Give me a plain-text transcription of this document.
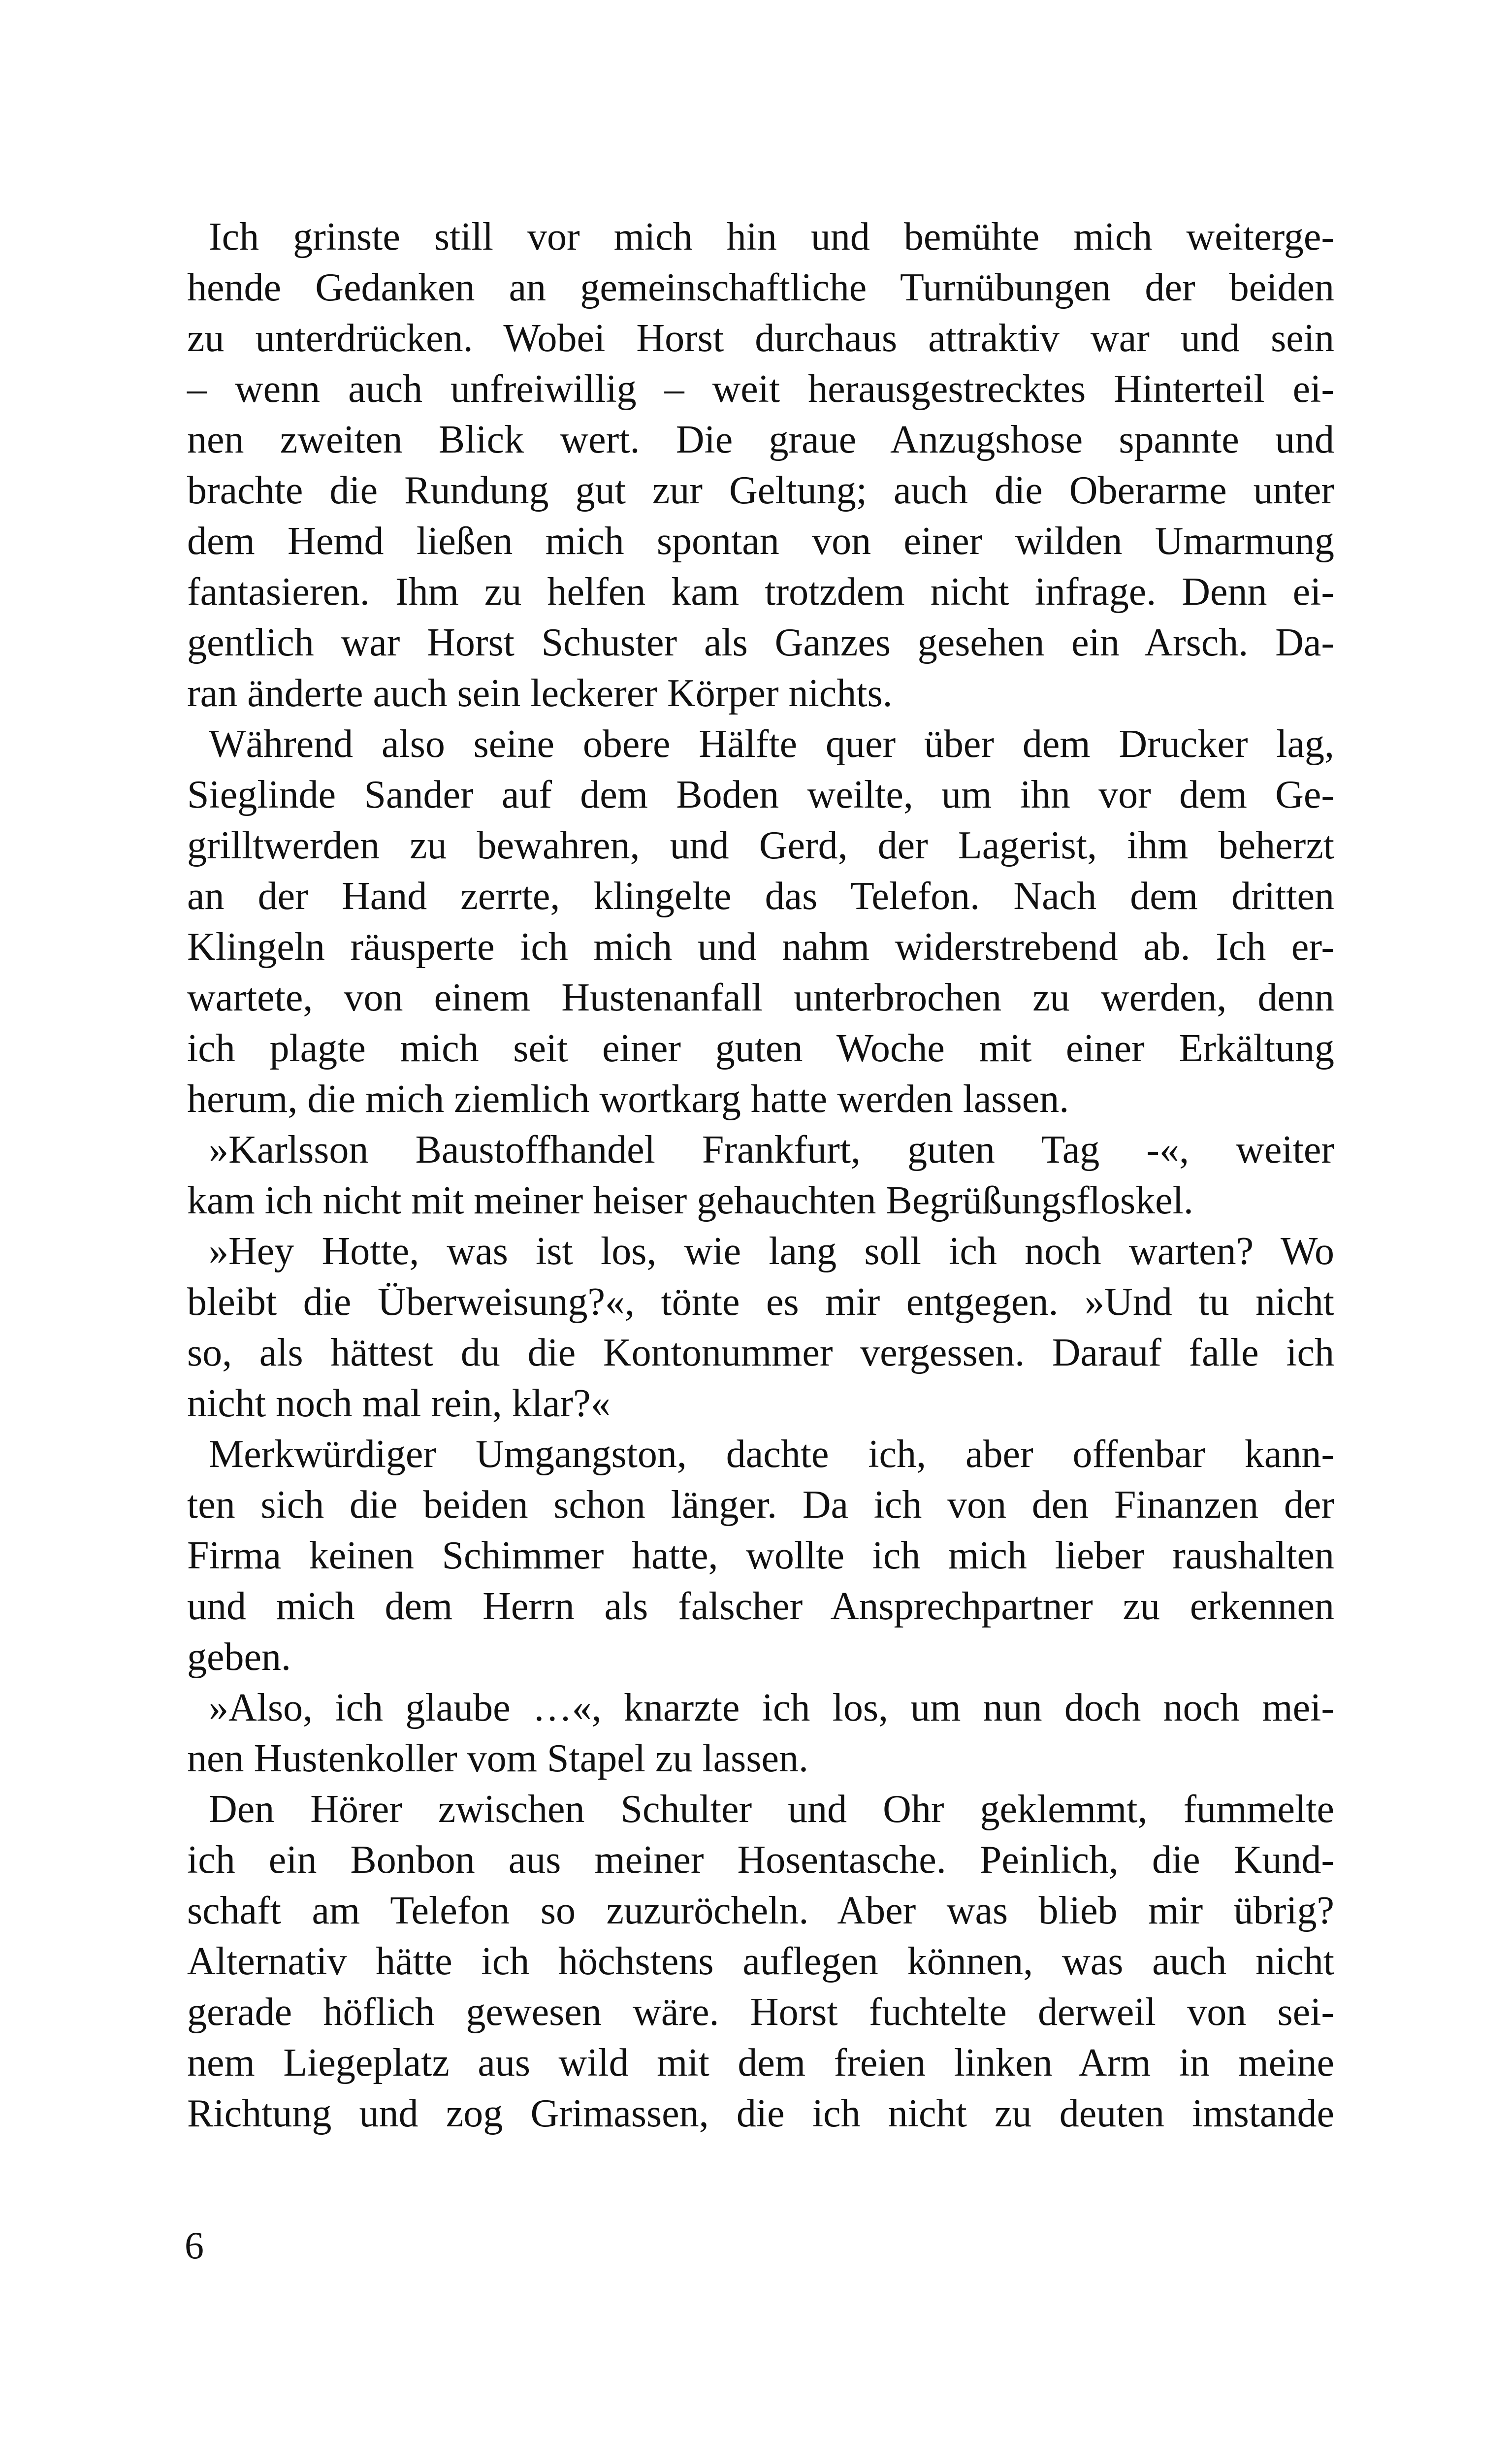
Ich grinste still vor mich hin und bemühte mich weiterge-
hende Gedanken an gemeinschaftliche Turnübungen der beiden
zu unterdrücken. Wobei Horst durchaus attraktiv war und sein
– wenn auch unfreiwillig – weit herausgestrecktes Hinterteil ei-
nen zweiten Blick wert. Die graue Anzugshose spannte und
brachte die Rundung gut zur Geltung; auch die Oberarme unter
dem Hemd ließen mich spontan von einer wilden Umarmung
fantasieren. Ihm zu helfen kam trotzdem nicht infrage. Denn ei-
gentlich war Horst Schuster als Ganzes gesehen ein Arsch. Da-
ran änderte auch sein leckerer Körper nichts.
Während also seine obere Hälfte quer über dem Drucker lag,
Sieglinde Sander auf dem Boden weilte, um ihn vor dem Ge-
grilltwerden zu bewahren, und Gerd, der Lagerist, ihm beherzt
an der Hand zerrte, klingelte das Telefon. Nach dem dritten
Klingeln räusperte ich mich und nahm widerstrebend ab. Ich er-
wartete, von einem Hustenanfall unterbrochen zu werden, denn
ich plagte mich seit einer guten Woche mit einer Erkältung
herum, die mich ziemlich wortkarg hatte werden lassen.
»Karlsson Baustoffhandel Frankfurt, guten Tag -«, weiter
kam ich nicht mit meiner heiser gehauchten Begrüßungsfloskel.
»Hey Hotte, was ist los, wie lang soll ich noch warten? Wo
bleibt die Überweisung?«, tönte es mir entgegen. »Und tu nicht
so, als hättest du die Kontonummer vergessen. Darauf falle ich
nicht noch mal rein, klar?«
Merkwürdiger Umgangston, dachte ich, aber offenbar kann-
ten sich die beiden schon länger. Da ich von den Finanzen der
Firma keinen Schimmer hatte, wollte ich mich lieber raushalten
und mich dem Herrn als falscher Ansprechpartner zu erkennen
geben.
»Also, ich glaube …«, knarzte ich los, um nun doch noch mei-
nen Hustenkoller vom Stapel zu lassen.
Den Hörer zwischen Schulter und Ohr geklemmt, fummelte
ich ein Bonbon aus meiner Hosentasche. Peinlich, die Kund-
schaft am Telefon so zuzuröcheln. Aber was blieb mir übrig?
Alternativ hätte ich höchstens auflegen können, was auch nicht
gerade höflich gewesen wäre. Horst fuchtelte derweil von sei-
nem Liegeplatz aus wild mit dem freien linken Arm in meine
Richtung und zog Grimassen, die ich nicht zu deuten imstande
6
